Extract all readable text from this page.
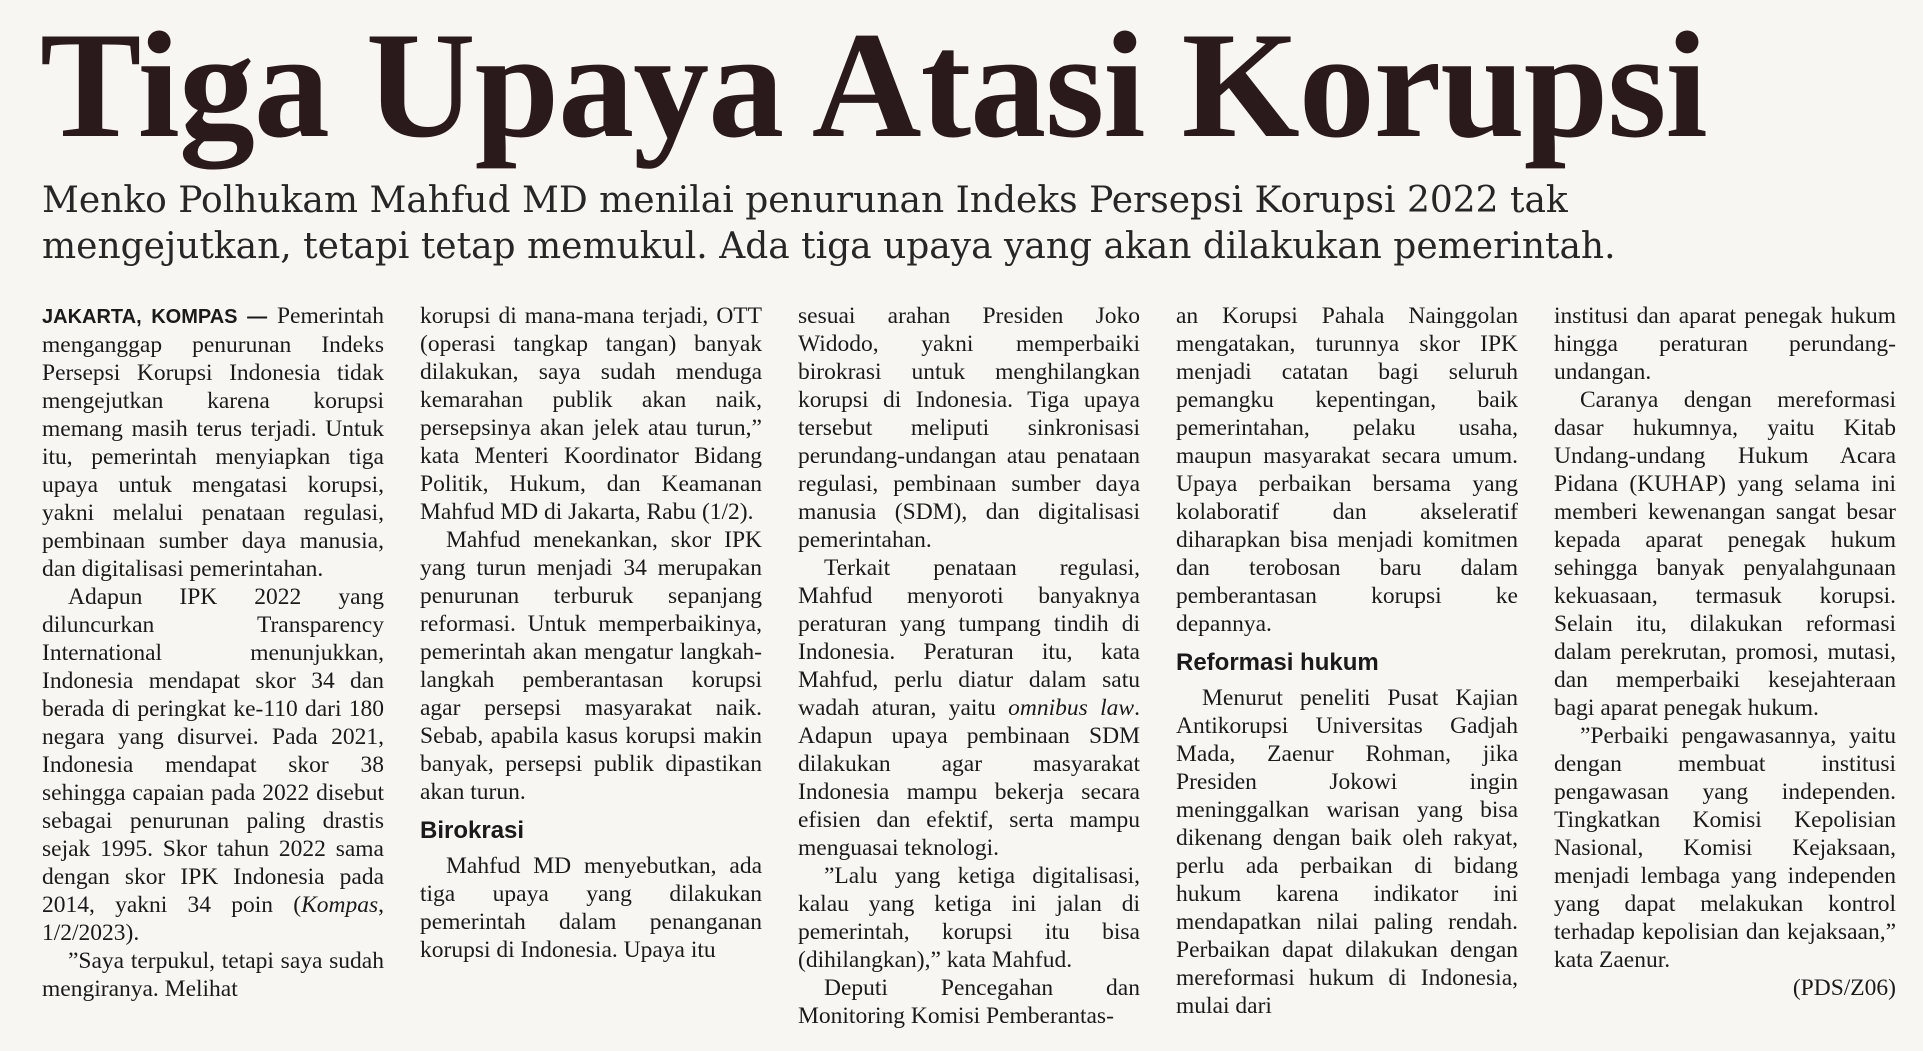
Tiga Upaya Atasi Korupsi

Menko Polhukam Mahfud MD menilai penurunan Indeks Persepsi Korupsi 2022 tak mengejutkan, tetapi tetap memukul. Ada tiga upaya yang akan dilakukan pemerintah.

JAKARTA, KOMPAS — Pemerintah menganggap penurunan Indeks Persepsi Korupsi Indonesia tidak mengejutkan karena korupsi memang masih terus terjadi. Untuk itu, pemerintah menyiapkan tiga upaya untuk mengatasi korupsi, yakni melalui penataan regulasi, pembinaan sumber daya manusia, dan digitalisasi pemerintahan.

Adapun IPK 2022 yang diluncurkan Transparency International menunjukkan, Indonesia mendapat skor 34 dan berada di peringkat ke-110 dari 180 negara yang disurvei. Pada 2021, Indonesia mendapat skor 38 sehingga capaian pada 2022 disebut sebagai penurunan paling drastis sejak 1995. Skor tahun 2022 sama dengan skor IPK Indonesia pada 2014, yakni 34 poin (Kompas, 1/2/2023).

”Saya terpukul, tetapi saya sudah mengiranya. Melihat

korupsi di mana-mana terjadi, OTT (operasi tangkap tangan) banyak dilakukan, saya sudah menduga kemarahan publik akan naik, persepsinya akan jelek atau turun,” kata Menteri Koordinator Bidang Politik, Hukum, dan Keamanan Mahfud MD di Jakarta, Rabu (1/2).

Mahfud menekankan, skor IPK yang turun menjadi 34 merupakan penurunan terburuk sepanjang reformasi. Untuk memperbaikinya, pemerintah akan mengatur langkah-langkah pemberantasan korupsi agar persepsi masyarakat naik. Sebab, apabila kasus korupsi makin banyak, persepsi publik dipastikan akan turun.

Birokrasi

Mahfud MD menyebutkan, ada tiga upaya yang dilakukan pemerintah dalam penanganan korupsi di Indonesia. Upaya itu

sesuai arahan Presiden Joko Widodo, yakni memperbaiki birokrasi untuk menghilangkan korupsi di Indonesia. Tiga upaya tersebut meliputi sinkronisasi perundang-undangan atau penataan regulasi, pembinaan sumber daya manusia (SDM), dan digitalisasi pemerintahan.

Terkait penataan regulasi, Mahfud menyoroti banyaknya peraturan yang tumpang tindih di Indonesia. Peraturan itu, kata Mahfud, perlu diatur dalam satu wadah aturan, yaitu omnibus law. Adapun upaya pembinaan SDM dilakukan agar masyarakat Indonesia mampu bekerja secara efisien dan efektif, serta mampu menguasai teknologi.

”Lalu yang ketiga digitalisasi, kalau yang ketiga ini jalan di pemerintah, korupsi itu bisa (dihilangkan),” kata Mahfud.

Deputi Pencegahan dan Monitoring Komisi Pemberantas-

an Korupsi Pahala Nainggolan mengatakan, turunnya skor IPK menjadi catatan bagi seluruh pemangku kepentingan, baik pemerintahan, pelaku usaha, maupun masyarakat secara umum. Upaya perbaikan bersama yang kolaboratif dan akseleratif diharapkan bisa menjadi komitmen dan terobosan baru dalam pemberantasan korupsi ke depannya.

Reformasi hukum

Menurut peneliti Pusat Kajian Antikorupsi Universitas Gadjah Mada, Zaenur Rohman, jika Presiden Jokowi ingin meninggalkan warisan yang bisa dikenang dengan baik oleh rakyat, perlu ada perbaikan di bidang hukum karena indikator ini mendapatkan nilai paling rendah. Perbaikan dapat dilakukan dengan mereformasi hukum di Indonesia, mulai dari

institusi dan aparat penegak hukum hingga peraturan perundang-undangan.

Caranya dengan mereformasi dasar hukumnya, yaitu Kitab Undang-undang Hukum Acara Pidana (KUHAP) yang selama ini memberi kewenangan sangat besar kepada aparat penegak hukum sehingga banyak penyalahgunaan kekuasaan, termasuk korupsi. Selain itu, dilakukan reformasi dalam perekrutan, promosi, mutasi, dan memperbaiki kesejahteraan bagi aparat penegak hukum.

”Perbaiki pengawasannya, yaitu dengan membuat institusi pengawasan yang independen. Tingkatkan Komisi Kepolisian Nasional, Komisi Kejaksaan, menjadi lembaga yang independen yang dapat melakukan kontrol terhadap kepolisian dan kejaksaan,” kata Zaenur.

(PDS/Z06)
